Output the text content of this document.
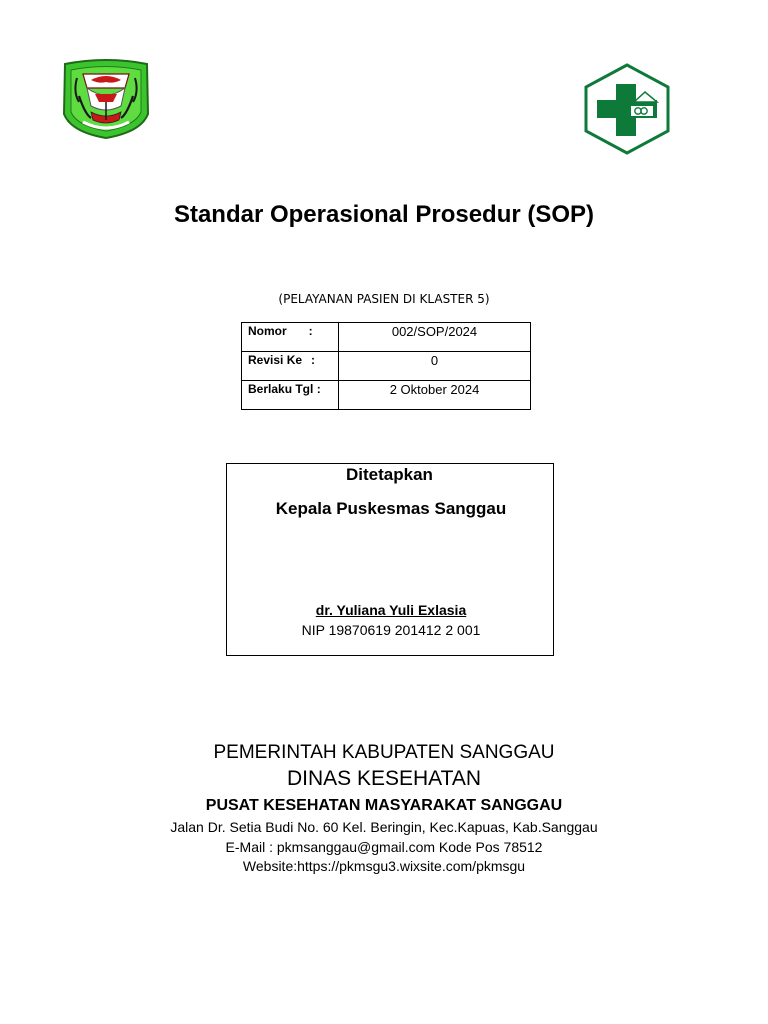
Standar Operasional Prosedur (SOP)
(PELAYANAN PASIEN DI KLASTER 5)
Nomor :	002/SOP/2024
Revisi Ke :	0
Berlaku Tgl :	2 Oktober 2024
Ditetapkan
Kepala Puskesmas Sanggau
dr. Yuliana Yuli Exlasia
NIP 19870619 201412 2 001
PEMERINTAH KABUPATEN SANGGAU
DINAS KESEHATAN
PUSAT KESEHATAN MASYARAKAT SANGGAU
Jalan Dr. Setia Budi No. 60 Kel. Beringin, Kec.Kapuas, Kab.Sanggau
E-Mail : pkmsanggau@gmail.com Kode Pos 78512
Website:https://pkmsgu3.wixsite.com/pkmsgu
